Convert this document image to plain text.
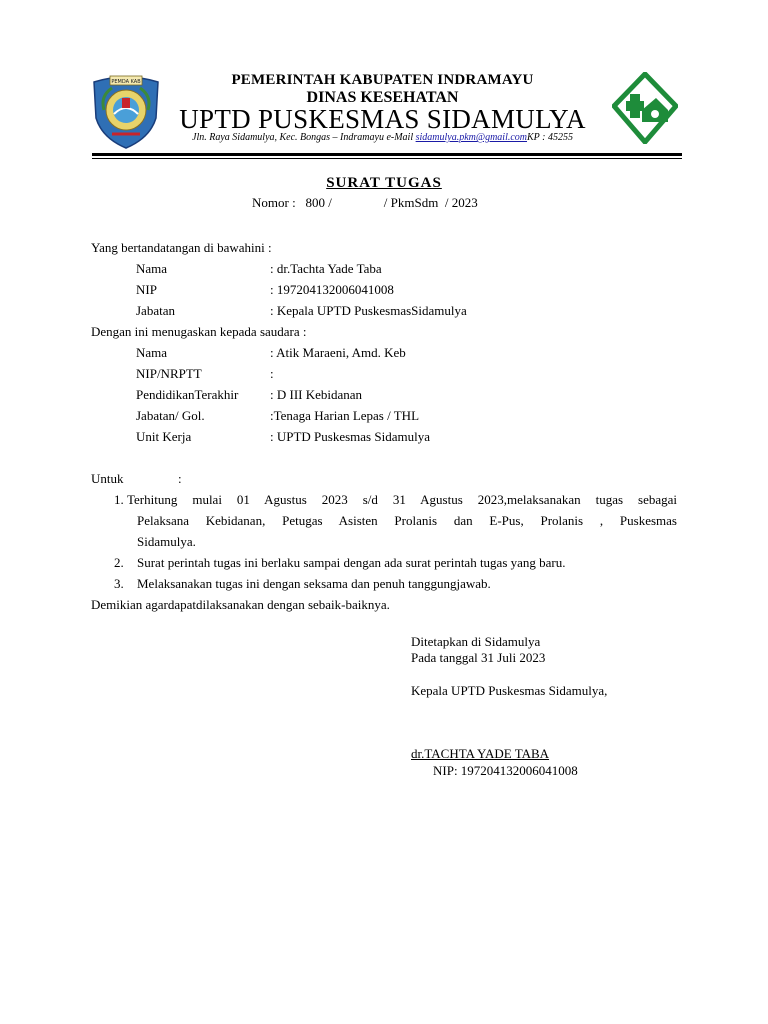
PEMDA KAB	PEMERINTAH KABUPATEN INDRAMAYU
DINAS KESEHATAN
UPTD PUSKESMAS SIDAMULYA
Jln. Raya Sidamulya, Kec. Bongas – Indramayu e-Mail sidamulya.pkm@gmail.comKP : 45255
SURAT TUGAS
Nomor :   800 /                / PkmSdm  / 2023
Yang bertandatangan di bawahini :
Nama	: dr.Tachta Yade Taba
NIP	: 197204132006041008
Jabatan	: Kepala UPTD PuskesmasSidamulya
Dengan ini menugaskan kepada saudara :
Nama	: Atik Maraeni, Amd. Keb
NIP/NRPTT	:
PendidikanTerakhir : D III Kebidanan
Jabatan/ Gol.	:Tenaga Harian Lepas / THL
Unit Kerja	: UPTD Puskesmas Sidamulya
Untuk	:
1. Terhitung mulai 01 Agustus 2023 s/d 31 Agustus 2023,melaksanakan tugas sebagai
Pelaksana Kebidanan, Petugas Asisten Prolanis dan E-Pus, Prolanis , Puskesmas
Sidamulya.
2. Surat perintah tugas ini berlaku sampai dengan ada surat perintah tugas yang baru.
3. Melaksanakan tugas ini dengan seksama dan penuh tanggungjawab.
Demikian agardapatdilaksanakan dengan sebaik-baiknya.
Ditetapkan di Sidamulya
Pada tanggal 31 Juli 2023
Kepala UPTD Puskesmas Sidamulya,
dr.TACHTA YADE TABA
NIP: 197204132006041008
